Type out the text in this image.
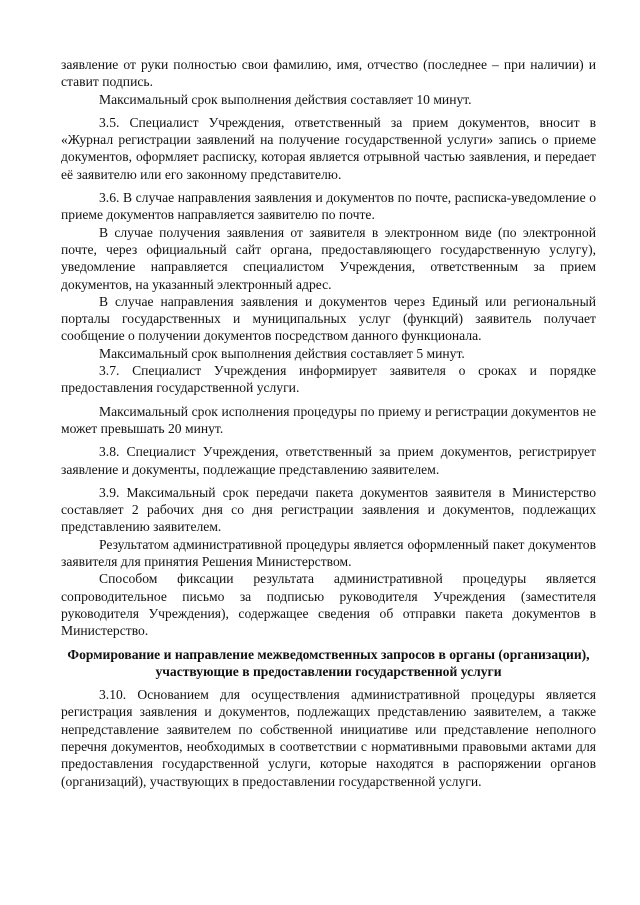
заявление от руки полностью свои фамилию, имя, отчество (последнее – при наличии) и ставит подпись.

Максимальный срок выполнения действия составляет 10 минут.

3.5. Специалист Учреждения, ответственный за прием документов, вносит в «Журнал регистрации заявлений на получение государственной услуги» запись о приеме документов, оформляет расписку, которая является отрывной частью заявления, и передает её заявителю или его законному представителю.

3.6. В случае направления заявления и документов по почте, расписка-уведомление о приеме документов направляется заявителю по почте.

В случае получения заявления от заявителя в электронном виде (по электронной почте, через официальный сайт органа, предоставляющего государственную услугу), уведомление направляется специалистом Учреждения, ответственным за прием документов, на указанный электронный адрес.

В случае направления заявления и документов через Единый или региональный порталы государственных и муниципальных услуг (функций) заявитель получает сообщение о получении документов посредством данного функционала.

Максимальный срок выполнения действия составляет 5 минут.

3.7. Специалист Учреждения информирует заявителя о сроках и порядке предоставления государственной услуги.

Максимальный срок исполнения процедуры по приему и регистрации документов не может превышать 20 минут.

3.8. Специалист Учреждения, ответственный за прием документов, регистрирует заявление и документы, подлежащие представлению заявителем.

3.9. Максимальный срок передачи пакета документов заявителя в Министерство составляет 2 рабочих дня со дня регистрации заявления и документов, подлежащих представлению заявителем.

Результатом административной процедуры является оформленный пакет документов заявителя для принятия Решения Министерством.

Способом фиксации результата административной процедуры является сопроводительное письмо за подписью руководителя Учреждения (заместителя руководителя Учреждения), содержащее сведения об отправки пакета документов в Министерство.

Формирование и направление межведомственных запросов в органы (организации), участвующие в предоставлении государственной услуги

3.10. Основанием для осуществления административной процедуры является регистрация заявления и документов, подлежащих представлению заявителем, а также непредставление заявителем по собственной инициативе или представление неполного перечня документов, необходимых в соответствии с нормативными правовыми актами для предоставления государственной услуги, которые находятся в распоряжении органов (организаций), участвующих в предоставлении государственной услуги.
